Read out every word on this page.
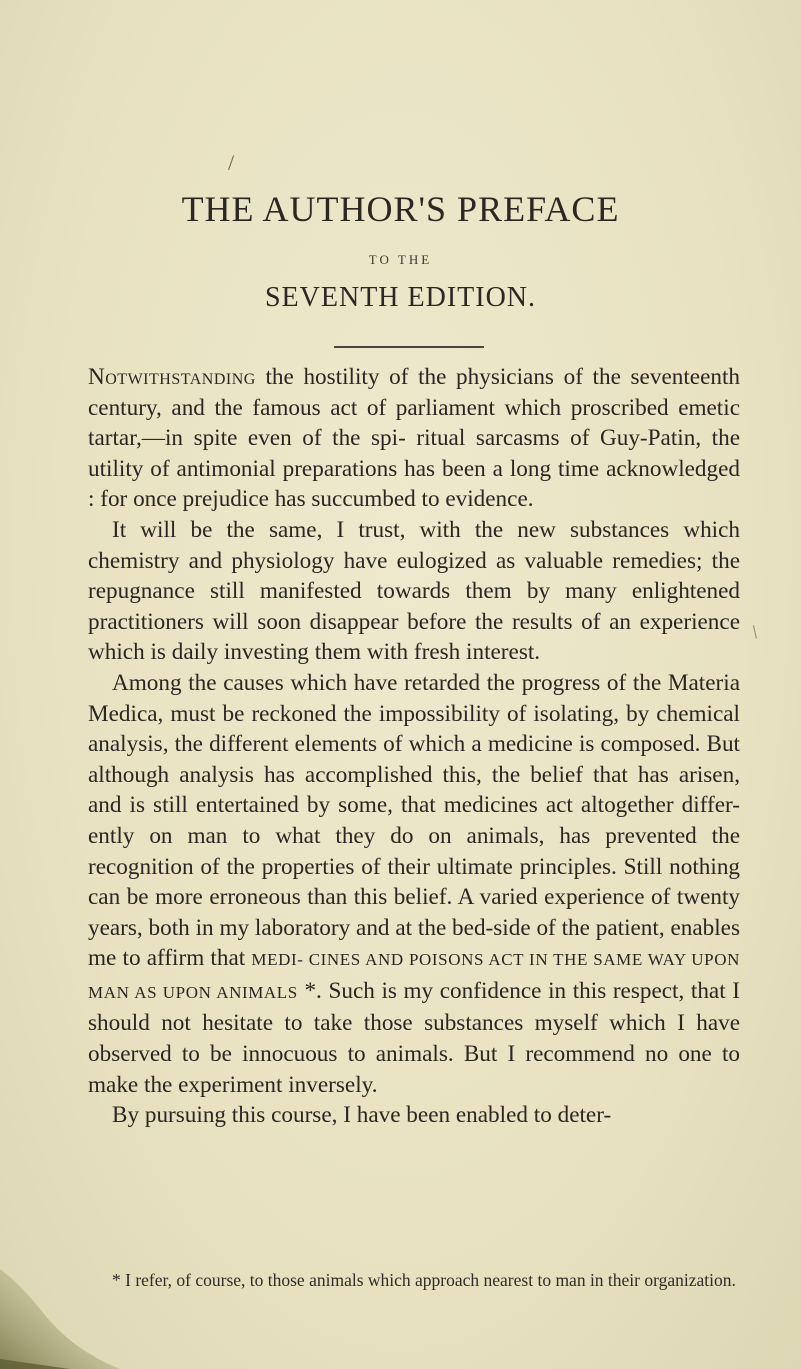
/
THE AUTHOR'S PREFACE
TO THE
SEVENTH EDITION.

Notwithstanding the hostility of the physicians of the seventeenth century, and the famous act of parliament which proscribed emetic tartar,—in spite even of the spi- ritual sarcasms of Guy-Patin, the utility of antimonial preparations has been a long time acknowledged : for once prejudice has succumbed to evidence.

It will be the same, I trust, with the new substances which chemistry and physiology have eulogized as valuable remedies; the repugnance still manifested towards them by many enlightened practitioners will soon disappear before the results of an experience which is daily investing them with fresh interest.

Among the causes which have retarded the progress of the Materia Medica, must be reckoned the impossibility of isolating, by chemical analysis, the different elements of which a medicine is composed. But although analysis has accomplished this, the belief that has arisen, and is still entertained by some, that medicines act altogether differ- ently on man to what they do on animals, has prevented the recognition of the properties of their ultimate principles. Still nothing can be more erroneous than this belief. A varied experience of twenty years, both in my laboratory and at the bed-side of the patient, enables me to affirm that MEDI- CINES AND POISONS ACT IN THE SAME WAY UPON MAN AS UPON ANIMALS *. Such is my confidence in this respect, that I should not hesitate to take those substances myself which I have observed to be innocuous to animals. But I recommend no one to make the experiment inversely.

By pursuing this course, I have been enabled to deter-

* I refer, of course, to those animals which approach nearest to man in their organization.
/
